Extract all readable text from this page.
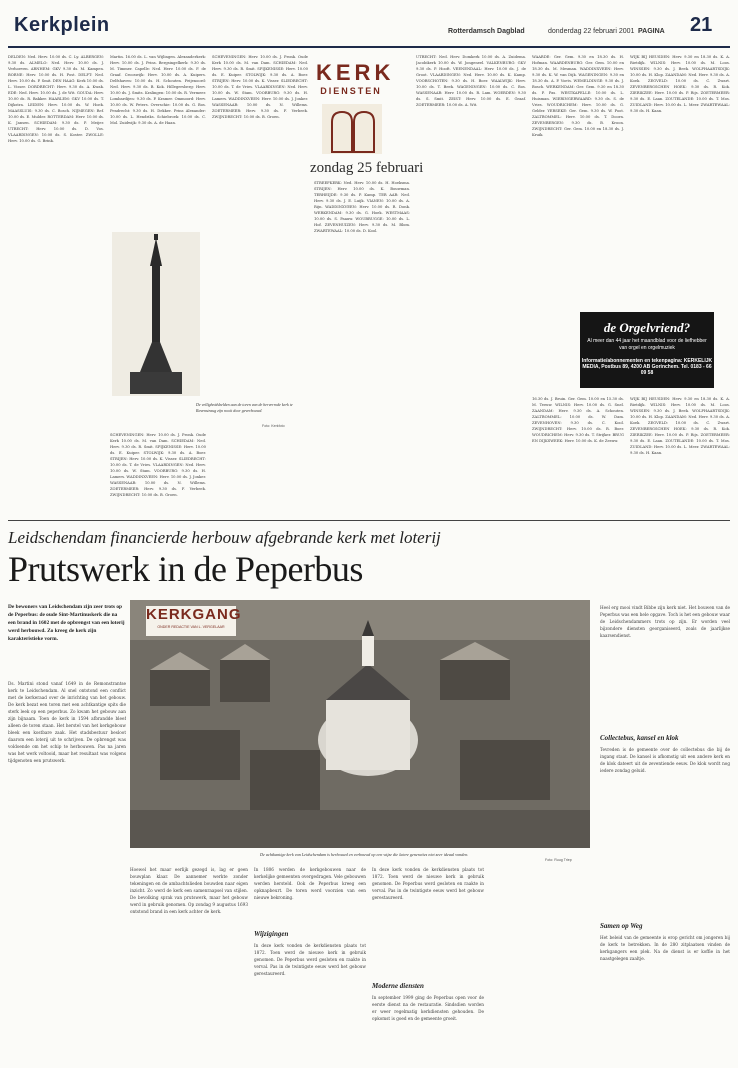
Kerkplein	Rotterdamsch Dagblad	donderdag 22 februari 2001 PAGINA 21
DELDEN: Ned. Herv. 10.00 ds. C. Ly. ALBERGEN: 9.30 ds. ALMELO: Ned. Herv. 10.00 ds. J. Verhoeven. ARNHEM: GKV 9.30 ds. M. Kampen. BORNE: Herv. 10.00 ds. H. Post. DELFT: Ned. Herv. 10.00 ds. P. Smit. DEN HAAG: Kerk 10.00 ds. L. Visser. DORDRECHT: Herv. 9.30 ds. A. Kwak. EDE: Ned. Herv. 10.00 ds. J. de Wit. GOUDA: Herv. 10.00 ds. R. Bakker. HAARLEM: GKV 10.00 ds. T. Dijkstra. LEIDEN: Herv. 10.00 ds. W. Hoek. MAASSLUIS: 9.30 ds. C. Bosch. NIJMEGEN: Ref. 10.00 ds. E. Mulder. ROTTERDAM: Herv. 10.00 ds. K. Jansen. SCHIEDAM: 9.30 ds. P. Meijer. UTRECHT: Herv. 10.00 ds. D. Vos. VLAARDINGEN: 10.00 ds. S. Koster. ZWOLLE: Herv. 10.00 ds. G. Brink.
Martin. 16.00 ds. L. van Wijlingen. Alexanderkerk: Herv. 10.00 ds. J. Prins. Bergsingelkerk: 9.30 ds. M. Timmer. Capelle: Ned. Herv. 10.00 ds. F. de Graaf. Crooswijk: Herv. 10.00 ds. A. Kuipers. Delfshaven: 10.00 ds. H. Schouten. Feijenoord: Ned. Herv. 9.30 ds. B. Kok. Hillegersberg: Herv. 10.00 ds. J. Smits. Kralingen: 10.00 ds. R. Vermeer. Lombardijen: 9.30 ds. P. Kramer. Ommoord: Herv. 10.00 ds. W. Peters. Overschie: 10.00 ds. G. Bos. Pendrecht: 9.30 ds. H. Dekker. Prins Alexander: 10.00 ds. L. Hendriks. Schiebroek: 10.00 ds. C. Mol. Zuidwijk: 9.30 ds. A. de Haan.
De velligheidsbelden aan de toren van de herverrode kerk te Ravenstraug zijn nooit door geverbouwd.
Foto: Kerkfoto
SCHEVENINGEN: Herv. 10.00 ds. J. Pronk. Oude Kerk 10.00 ds. M. van Dam. SCHIEDAM: Ned. Herv. 9.30 ds. R. Smit. SPIJKENISSE: Herv. 10.00 ds. E. Kuiper. STOLWIJK: 9.30 ds. A. Boer. STRIJEN: Herv. 10.00 ds. K. Visser. SLIEDRECHT: 10.00 ds. T. de Vries. VLAARDINGEN: Ned. Herv. 10.00 ds. W. Stam. VOORBURG: 9.30 ds. H. Lamers. WADDINXVEEN: Herv. 10.00 ds. J. Jonker. WASSENAAR: 10.00 ds. N. Willems. ZOETERMEER: Herv. 9.30 ds. F. Verbeek. ZWIJNDRECHT: 10.00 ds. B. Groen.
SCHEVENINGEN: Herv. 10.00 ds. J. Pronk. Oude Kerk 10.00 ds. M. van Dam. SCHIEDAM: Ned. Herv. 9.30 ds. R. Smit. SPIJKENISSE: Herv. 10.00 ds. E. Kuiper. STOLWIJK: 9.30 ds. A. Boer. STRIJEN: Herv. 10.00 ds. K. Visser. SLIEDRECHT: 10.00 ds. T. de Vries. VLAARDINGEN: Ned. Herv. 10.00 ds. W. Stam. VOORBURG: 9.30 ds. H. Lamers. WADDINXVEEN: Herv. 10.00 ds. J. Jonker. WASSENAAR: 10.00 ds. N. Willems. ZOETERMEER: Herv. 9.30 ds. F. Verbeek. ZWIJNDRECHT: 10.00 ds. B. Groen.
KERK
DIENSTEN
zondag 25 februari
STREEFKERK: Ned. Herv. 10.00 ds. H. Hoeksma. STRIJEN: Herv. 10.00 ds. K. Bouwman. TERHEIJDE: 9.30 ds. P. Kamp. TER AAR: Ned. Herv. 9.30 ds. J. E. Luijk. VIANEN: 10.00 ds. A. Rijn. WADDINXVEEN: Herv. 10.00 ds. R. Donk. WERKENDAM: 9.30 ds. G. Hoek. WESTMAAS: 10.00 ds. S. Paauw. WOUBRUGGE: 10.00 ds. L. Hof. ZEVENHUIZEN: Herv. 9.30 ds. M. Blom. ZWARTEWAAL: 10.00 ds. D. Kool.
UTRECHT: Ned. Herv. Domkerk 10.00 ds. A. Zuidema. Jacobikerk 10.00 ds. W. Jongeneel. VALKENBURG: GKV 9.30 ds. P. Hooft. VEENENDAAL: Herv. 10.00 ds. J. de Groot. VLAARDINGEN: Ned. Herv. 10.00 ds. K. Kamp. VOORSCHOTEN: 9.30 ds. H. Boer. WAALWIJK: Herv. 10.00 ds. T. Beek. WAGENINGEN: 10.00 ds. C. Bos. WASSENAAR: Herv. 10.00 ds. R. Lam. WOERDEN: 9.30 ds. S. Smit. ZEIST: Herv. 10.00 ds. E. Graaf. ZOETERMEER: 10.00 ds. A. Wit.
WAARDE: Ger. Gem. 9.30 en 18.30 ds. H. Hofman. WAARDENBURG: Ger. Gem. 10.00 en 18.30 ds. M. Mesman. WADDINXVEEN: Herv. 9.30 ds. K. W. van Dijk. WAGENINGEN: 9.30 en 18.30 ds. A. P. Voets. WEMELDINGE: 9.30 ds. J. Bosch. WERKENDAM: Ger. Gem. 9.30 en 18.30 ds. P. Pas. WESTKAPELLE: 10.00 ds. L. Huisman. WIERINGERWAARD: 9.30 ds. S. de Vries. WOUDRICHEM: Herv. 10.00 ds. G. Gelder. YERSEKE: Ger. Gem. 9.30 ds. W. Poot. ZALTBOMMEL: Herv. 10.00 ds. T. Doorn. ZEVENBERGEN: 9.30 ds. B. Kroon. ZWIJNDRECHT: Ger. Gem. 10.00 en 18.30 ds. J. Kruik.
WIJK BIJ HEUSDEN: Herv. 9.30 en 18.30 ds. K. A. Rietdijk. WILNIS: Herv. 10.00 ds. M. Loos. WINSSEN: 9.30 ds. J. Beek. WOLPHAARTSDIJK: 10.00 ds. H. Klop. ZAANDAM: Ned. Herv. 9.30 ds. A. Koek. ZEGVELD: 10.00 ds. C. Zwart. ZEVENBERGSCHEN HOEK: 9.30 ds. R. Kok. ZIERIKZEE: Herv. 10.00 ds. P. Rijs. ZOETERMEER: 9.30 ds. E. Laan. ZOUTELANDE: 10.00 ds. T. Mos. ZUIDLAND: Herv. 10.00 ds. L. Meer. ZWARTEWAAL: 9.30 ds. H. Kaan.
de Orgelvriend?
Al meer dan 44 jaar het maandblad voor de liefhebber van orgel en orgelmuziek
Informatie/abonnementen en tekenpagina: KERKELIJK MEDIA, Postbus 89, 4200 AB Gorinchem. Tel. 0183 - 66 09 58
16.30 ds. J. Bruin. Ger. Gem. 10.00 en 15.30 ds. M. Teeuw. WILNIS: Herv. 10.00 ds. G. Snel. ZAANDAM: Herv. 9.30 ds. A. Schouten. ZALTBOMMEL: 10.00 ds. W. Dam. ZEVENHOVEN: 9.30 ds. C. Kool. ZWIJNDRECHT: Herv. 10.00 ds. R. Boer. WOUDRICHEM: Herv. 9.30 ds. T. Strijker. BRUG EN DIJKSWEEK: Herv. 10.00 ds. K. de Zeeuw.
WIJK BIJ HEUSDEN: Herv. 9.30 en 18.30 ds. K. A. Rietdijk. WILNIS: Herv. 10.00 ds. M. Loos. WINSSEN: 9.30 ds. J. Beek. WOLPHAARTSDIJK: 10.00 ds. H. Klop. ZAANDAM: Ned. Herv. 9.30 ds. A. Koek. ZEGVELD: 10.00 ds. C. Zwart. ZEVENBERGSCHEN HOEK: 9.30 ds. R. Kok. ZIERIKZEE: Herv. 10.00 ds. P. Rijs. ZOETERMEER: 9.30 ds. E. Laan. ZOUTELANDE: 10.00 ds. T. Mos. ZUIDLAND: Herv. 10.00 ds. L. Meer. ZWARTEWAAL: 9.30 ds. H. Kaan.
Leidschendam financierde herbouw afgebrande kerk met loterij
Prutswerk in de Peperbus
De bewoners van Leidschendam zijn zeer trots op de Peperbus: de oude Sint-Martinuskerk die na een brand in 1602 met de opbrengst van een loterij werd herbouwd. Zo kreeg de kerk zijn karakteristieke vorm.
Ds. Martini stond vanaf 1649 in de Remonstrantse kerk te Leidschendam. Al snel ontstond een conflict met de kerkeraad over de inrichting van het gebouw. De kerk bezat een toren met een achtkantige spits die sterk leek op een peperbus. Zo kwam het gebouw aan zijn bijnaam. Toen de kerk in 1594 afbrandde bleef alleen de toren staan. Het herstel van het kerkgebouw bleek een kostbare zaak. Het stadsbestuur besloot daarom een loterij uit te schrijven. De opbrengst was voldoende om het schip te herbouwen. Pas na jaren was het werk voltooid, maar het resultaat was volgens tijdgenoten een prutswerk.
KERKGANG
ONDER REDACTIE VAN L. VERGELAAR
De achtkantige kerk van Leidschendam is herbouwd en verbouwd op een wijze die latere generaties niet zeer ideaal vonden.
Foto: Ruug Triep
Hoewel het maar eerlijk gezegd is, lag er geen bouwplan klaar. De aannemer werkte zonder tekeningen en de ambachtslieden bouwden naar eigen inzicht. Zo werd de kerk een samenraapsel van stijlen. De bevolking sprak van prutswerk, maar het gebouw werd in gebruik genomen. Op zondag 9 augustus 1693 ontstond brand in een kerk achter de kerk.
In 1806 werden de kerkgebouwen naar de kerkelijke gemeenten overgedragen. Vele gebouwen werden hersteld. Ook de Peperbus kreeg een opknapbeurt. De toren werd voorzien van een nieuwe bekroning.
Wijzigingen
In deze kerk vonden de kerkdiensten plaats tot 1872. Toen werd de nieuwe kerk in gebruik genomen. De Peperbus werd gesloten en raakte in verval. Pas in de twintigste eeuw werd het gebouw gerestaureerd.
In deze kerk vonden de kerkdiensten plaats tot 1872. Toen werd de nieuwe kerk in gebruik genomen. De Peperbus werd gesloten en raakte in verval. Pas in de twintigste eeuw werd het gebouw gerestaureerd.
Moderne diensten
In september 1999 ging de Peperbus open voor de eerste dienst na de restauratie. Sindsdien worden er weer regelmatig kerkdiensten gehouden. De opkomst is goed en de gemeente groeit.
Heel erg mooi vindt Bibbe zijn kerk niet. Het bouwen van de Peperbus was een hele opgave. Toch is het een gebouw waar de Leidschendammers trots op zijn. Er worden veel bijzondere diensten georganiseerd, zoals de jaarlijkse kaarsendienst.
Collectebus, kansel en klok
Tevreden is de gemeente over de collectebus die bij de ingang staat. De kansel is afkomstig uit een andere kerk en de klok dateert uit de zeventiende eeuw. De klok wordt nog iedere zondag geluid.
Samen op Weg
Het beleid van de gemeente is erop gericht om jongeren bij de kerk te betrekken. In de 280 zitplaatsen vinden de kerkgangers een plek. Na de dienst is er koffie in het naastgelegen zaaltje.
